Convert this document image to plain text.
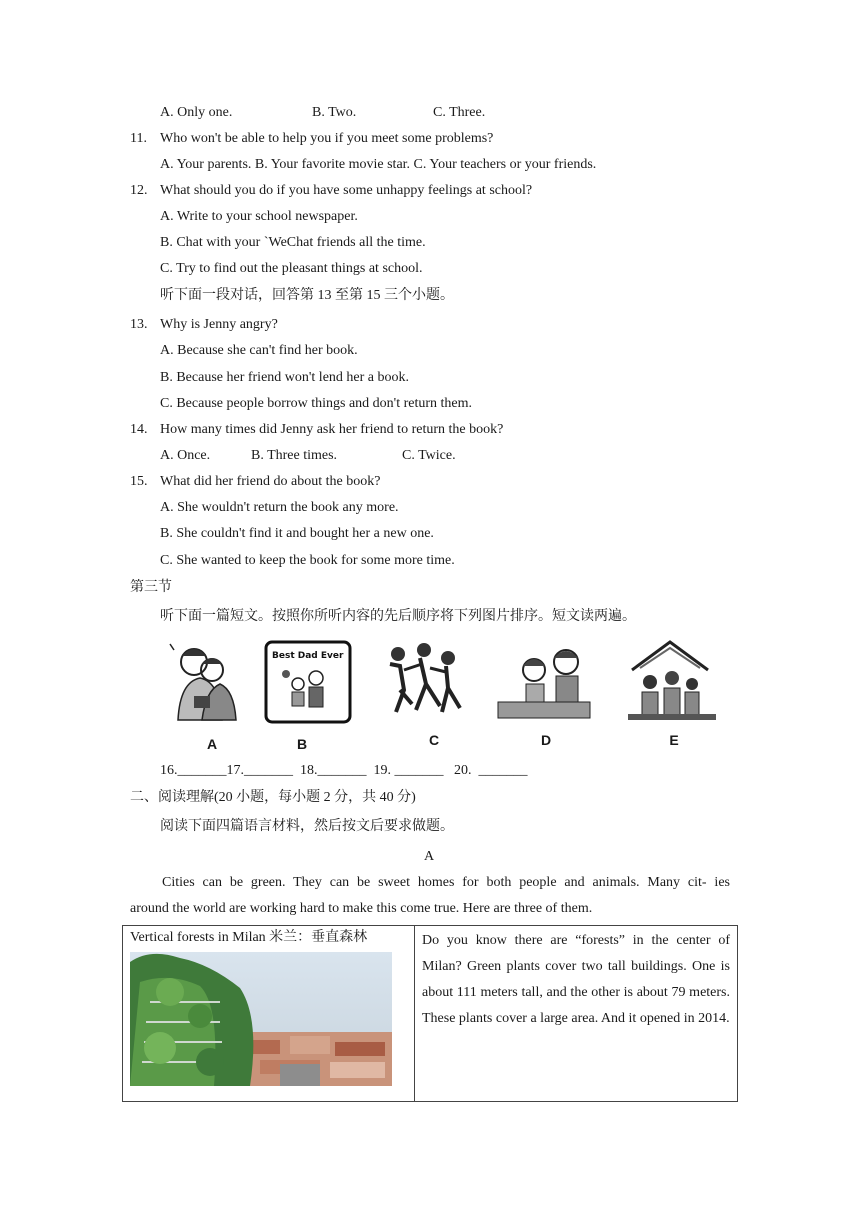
A. Only one.	B. Two.	C. Three.
11. Who won't be able to help you if you meet some problems?
A. Your parents. B. Your favorite movie star. C. Your teachers or your friends.
12. What should you do if you have some unhappy feelings at school?
A. Write to your school newspaper.
B. Chat with your `WeChat friends all the time.
C. Try to find out the pleasant things at school.
听下面一段对话，回答第 13 至第 15 三个小题。
13. Why is Jenny angry?
A. Because she can't find her book.
B. Because her friend won't lend her a book.
C. Because people borrow things and don't return them.
14. How many times did Jenny ask her friend to return the book?
A. Once.	B. Three times.	C. Twice.
15. What did her friend do about the book?
A. She wouldn't return the book any more.
B. She couldn't find it and bought her a new one.
C. She wanted to keep the book for some more time.
第三节
听下面一篇短文。按照你所听内容的先后顺序将下列图片排序。短文读两遍。
A
Best Dad Ever
B	C	D	E
16._______17._______  18._______  19. _______   20.  _______
二、阅读理解(20 小题，每小题 2 分，共 40 分)
阅读下面四篇语言材料，然后按文后要求做题。
A
Cities can be green. They can be sweet homes for both people and animals. Many cit- ies
around the world are working hard to make this come true. Here are three of them.
Vertical forests in Milan 米兰：垂直森林	Do you know there are “forests” in the center of Milan? Green plants cover two tall buildings. One is about 111 meters tall, and the other is about 79 meters. These plants cover a large area. And it opened in 2014.
